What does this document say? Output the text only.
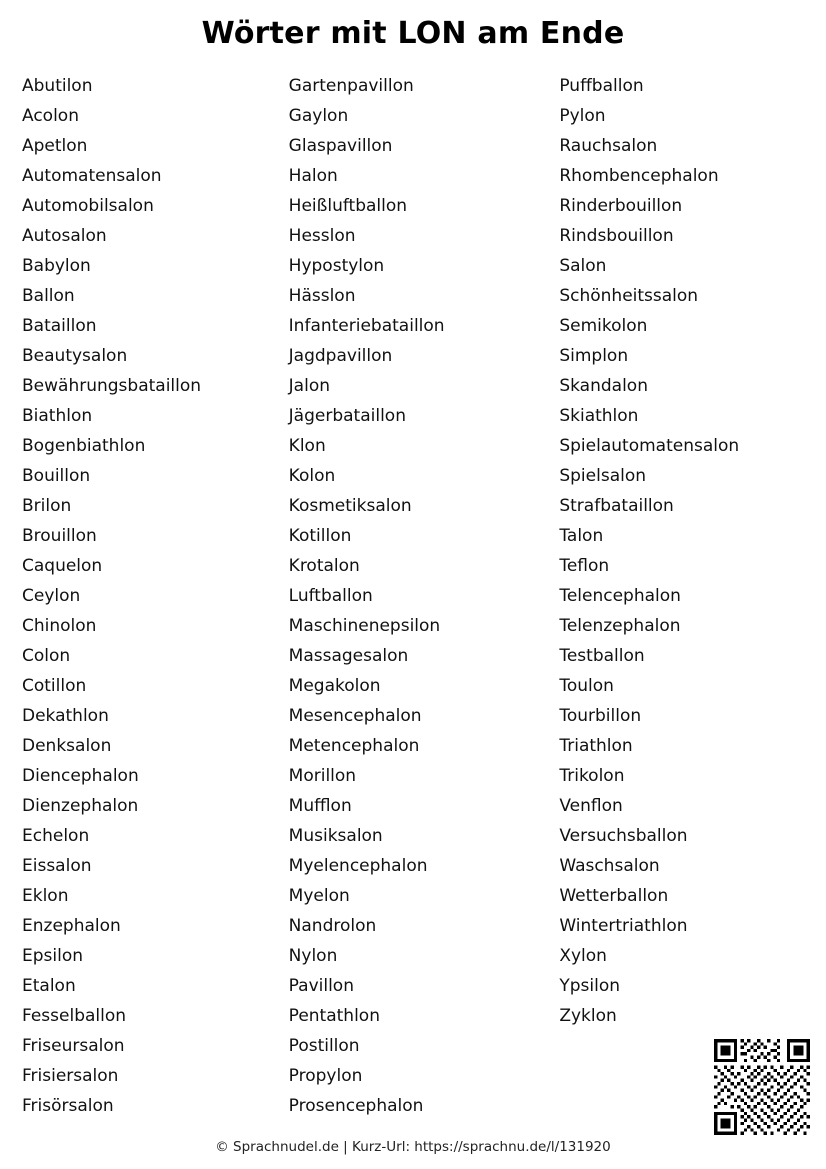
Wörter mit LON am Ende
Abutilon
Acolon
Apetlon
Automatensalon
Automobilsalon
Autosalon
Babylon
Ballon
Bataillon
Beautysalon
Bewährungsbataillon
Biathlon
Bogenbiathlon
Bouillon
Brilon
Brouillon
Caquelon
Ceylon
Chinolon
Colon
Cotillon
Dekathlon
Denksalon
Diencephalon
Dienzephalon
Echelon
Eissalon
Eklon
Enzephalon
Epsilon
Etalon
Fesselballon
Friseursalon
Frisiersalon
Frisörsalon
Gartenpavillon
Gaylon
Glaspavillon
Halon
Heißluftballon
Hesslon
Hypostylon
Hässlon
Infanteriebataillon
Jagdpavillon
Jalon
Jägerbataillon
Klon
Kolon
Kosmetiksalon
Kotillon
Krotalon
Luftballon
Maschinenepsilon
Massagesalon
Megakolon
Mesencephalon
Metencephalon
Morillon
Mufflon
Musiksalon
Myelencephalon
Myelon
Nandrolon
Nylon
Pavillon
Pentathlon
Postillon
Propylon
Prosencephalon
Puffballon
Pylon
Rauchsalon
Rhombencephalon
Rinderbouillon
Rindsbouillon
Salon
Schönheitssalon
Semikolon
Simplon
Skandalon
Skiathlon
Spielautomatensalon
Spielsalon
Strafbataillon
Talon
Teflon
Telencephalon
Telenzephalon
Testballon
Toulon
Tourbillon
Triathlon
Trikolon
Venflon
Versuchsballon
Waschsalon
Wetterballon
Wintertriathlon
Xylon
Ypsilon
Zyklon
© Sprachnudel.de | Kurz-Url: https://sprachnu.de/l/131920
